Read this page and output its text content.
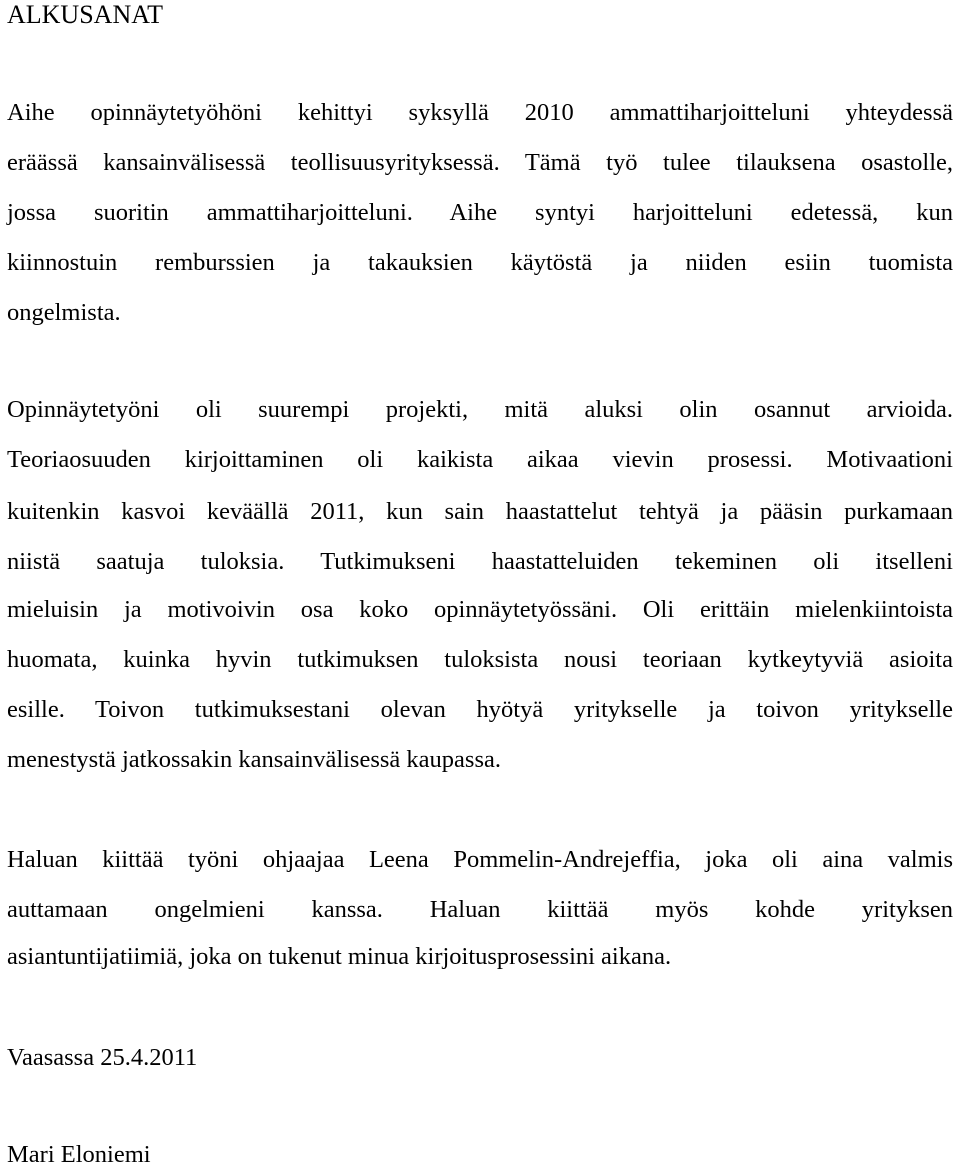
ALKUSANAT

Aihe opinnäytetyöhöni kehittyi syksyllä 2010 ammattiharjoitteluni yhteydessä

eräässä kansainvälisessä teollisuusyrityksessä. Tämä työ tulee tilauksena osastolle,

jossa suoritin ammattiharjoitteluni. Aihe syntyi harjoitteluni edetessä, kun

kiinnostuin remburssien ja takauksien käytöstä ja niiden esiin tuomista

ongelmista.

Opinnäytetyöni oli suurempi projekti, mitä aluksi olin osannut arvioida.

Teoriaosuuden kirjoittaminen oli kaikista aikaa vievin prosessi. Motivaationi

kuitenkin kasvoi keväällä 2011, kun sain haastattelut tehtyä ja pääsin purkamaan

niistä saatuja tuloksia. Tutkimukseni haastatteluiden tekeminen oli itselleni

mieluisin ja motivoivin osa koko opinnäytetyössäni. Oli erittäin mielenkiintoista

huomata, kuinka hyvin tutkimuksen tuloksista nousi teoriaan kytkeytyviä asioita

esille. Toivon tutkimuksestani olevan hyötyä yritykselle ja toivon yritykselle

menestystä jatkossakin kansainvälisessä kaupassa.

Haluan kiittää työni ohjaajaa Leena Pommelin-Andrejeffia, joka oli aina valmis

auttamaan ongelmieni kanssa. Haluan kiittää myös kohde yrityksen

asiantuntijatiimiä, joka on tukenut minua kirjoitusprosessini aikana.

Vaasassa 25.4.2011

Mari Eloniemi
